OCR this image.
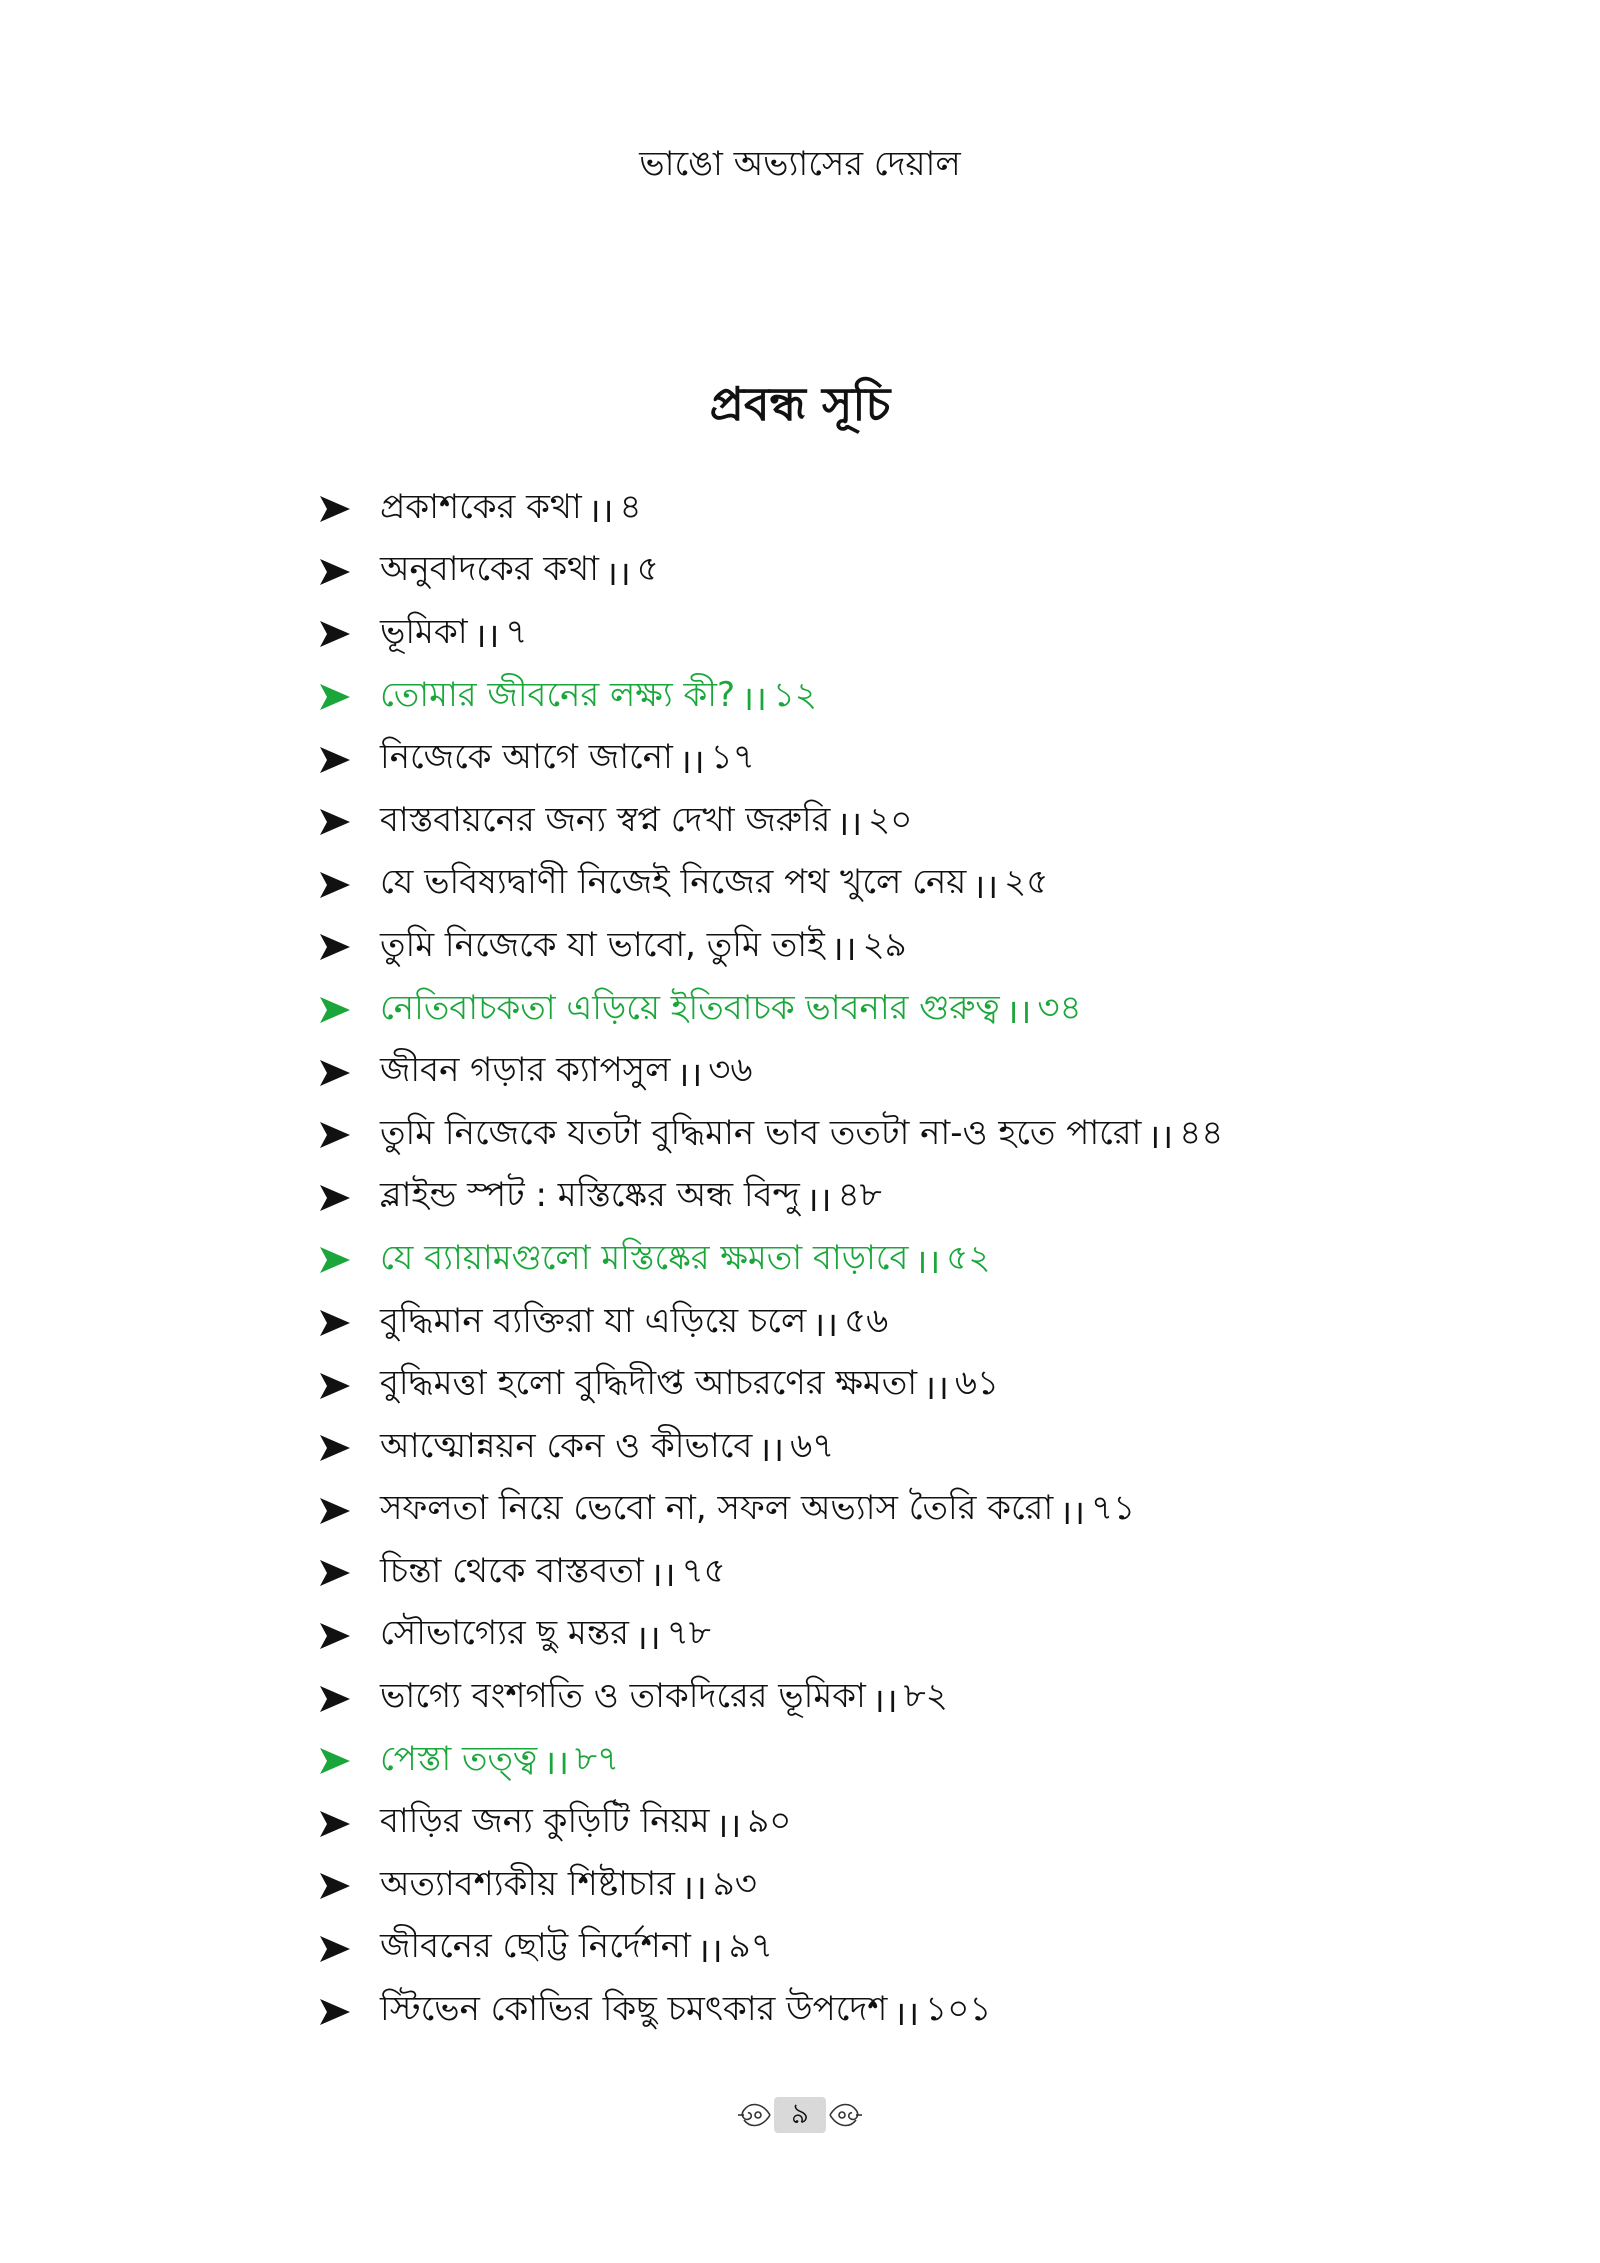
ভাঙো অভ্যাসের দেয়াল
প্রবন্ধ সূচি
প্রকাশকের কথা ।। ৪
অনুবাদকের কথা ।। ৫
ভূমিকা ।। ৭
তোমার জীবনের লক্ষ্য কী? ।। ১২
নিজেকে আগে জানো ।। ১৭
বাস্তবায়নের জন্য স্বপ্ন দেখা জরুরি ।। ২০
যে ভবিষ্যদ্বাণী নিজেই নিজের পথ খুলে নেয় ।। ২৫
তুমি নিজেকে যা ভাবো, তুমি তাই ।। ২৯
নেতিবাচকতা এড়িয়ে ইতিবাচক ভাবনার গুরুত্ব ।। ৩৪
জীবন গড়ার ক্যাপসুল ।। ৩৬
তুমি নিজেকে যতটা বুদ্ধিমান ভাব ততটা না-ও হতে পারো ।। ৪৪
ব্লাইন্ড স্পট : মস্তিষ্কের অন্ধ বিন্দু ।। ৪৮
যে ব্যায়ামগুলো মস্তিষ্কের ক্ষমতা বাড়াবে ।। ৫২
বুদ্ধিমান ব্যক্তিরা যা এড়িয়ে চলে ।। ৫৬
বুদ্ধিমত্তা হলো বুদ্ধিদীপ্ত আচরণের ক্ষমতা ।। ৬১
আত্মোন্নয়ন কেন ও কীভাবে ।। ৬৭
সফলতা নিয়ে ভেবো না, সফল অভ্যাস তৈরি করো ।। ৭১
চিন্তা থেকে বাস্তবতা ।। ৭৫
সৌভাগ্যের ছু মন্তর ।। ৭৮
ভাগ্যে বংশগতি ও তাকদিরের ভূমিকা ।। ৮২
পেস্তা তত্ত্ব ।। ৮৭
বাড়ির জন্য কুড়িটি নিয়ম ।। ৯০
অত্যাবশ্যকীয় শিষ্টাচার ।। ৯৩
জীবনের ছোট্ট নির্দেশনা ।। ৯৭
স্টিভেন কোভির কিছু চমৎকার উপদেশ ।। ১০১
৯
